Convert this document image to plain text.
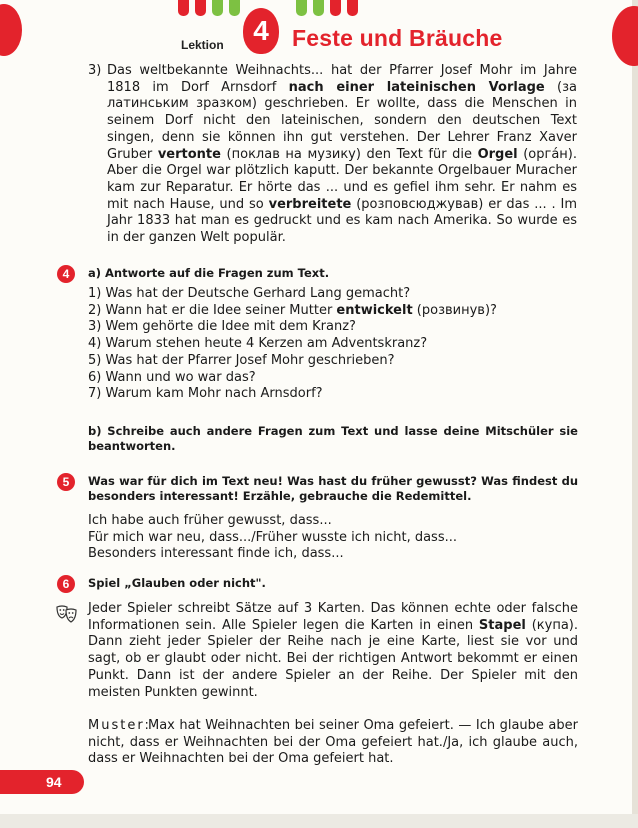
Lektion	4	Feste und Bräuche
3) Das weltbekannte Weihnachts... hat der Pfarrer Josef Mohr im Jahre 1818 im Dorf Arnsdorf nach einer lateinischen Vorlage (за латинським зразком) geschrieben. Er wollte, dass die Menschen in seinem Dorf nicht den lateinischen, sondern den deutschen Text singen, denn sie können ihn gut verstehen. Der Lehrer Franz Xaver Gruber vertonte (поклав на музику) den Text für die Orgel (орга́н). Aber die Orgel war plötzlich kaputt. Der bekannte Orgelbauer Muracher kam zur Reparatur. Er hörte das ... und es gefiel ihm sehr. Er nahm es mit nach Hause, und so verbreitete (розповсюджував) er das ... . Im Jahr 1833 hat man es gedruckt und es kam nach Amerika. So wurde es in der ganzen Welt populär.

4	a) Antworte auf die Fragen zum Text.

1) Was hat der Deutsche Gerhard Lang gemacht?
2) Wann hat er die Idee seiner Mutter entwickelt (розвинув)?
3) Wem gehörte die Idee mit dem Kranz?
4) Warum stehen heute 4 Kerzen am Adventskranz?
5) Was hat der Pfarrer Josef Mohr geschrieben?
6) Wann und wo war das?
7) Warum kam Mohr nach Arnsdorf?

b) Schreibe auch andere Fragen zum Text und lasse deine Mitschüler sie beantworten.

5	Was war für dich im Text neu! Was hast du früher gewusst? Was findest du besonders interessant! Erzähle, gebrauche die Redemittel.

Ich habe auch früher gewusst, dass...
Für mich war neu, dass.../Früher wusste ich nicht, dass...
Besonders interessant finde ich, dass...
6	Spiel „Glauben oder nicht".

Jeder Spieler schreibt Sätze auf 3 Karten. Das können echte oder falsche Informationen sein. Alle Spieler legen die Karten in einen Stapel (купа). Dann zieht jeder Spieler der Reihe nach je eine Karte, liest sie vor und sagt, ob er glaubt oder nicht. Bei der richtigen Antwort bekommt er einen Punkt. Dann ist der andere Spieler an der Reihe. Der Spieler mit den meisten Punkten gewinnt.

Muster:

Max hat Weihnachten bei seiner Oma gefeiert. — Ich glaube aber nicht, dass er Weihnachten bei der Oma gefeiert hat./Ja, ich glaube auch, dass er Weihnachten bei der Oma gefeiert hat.

94
